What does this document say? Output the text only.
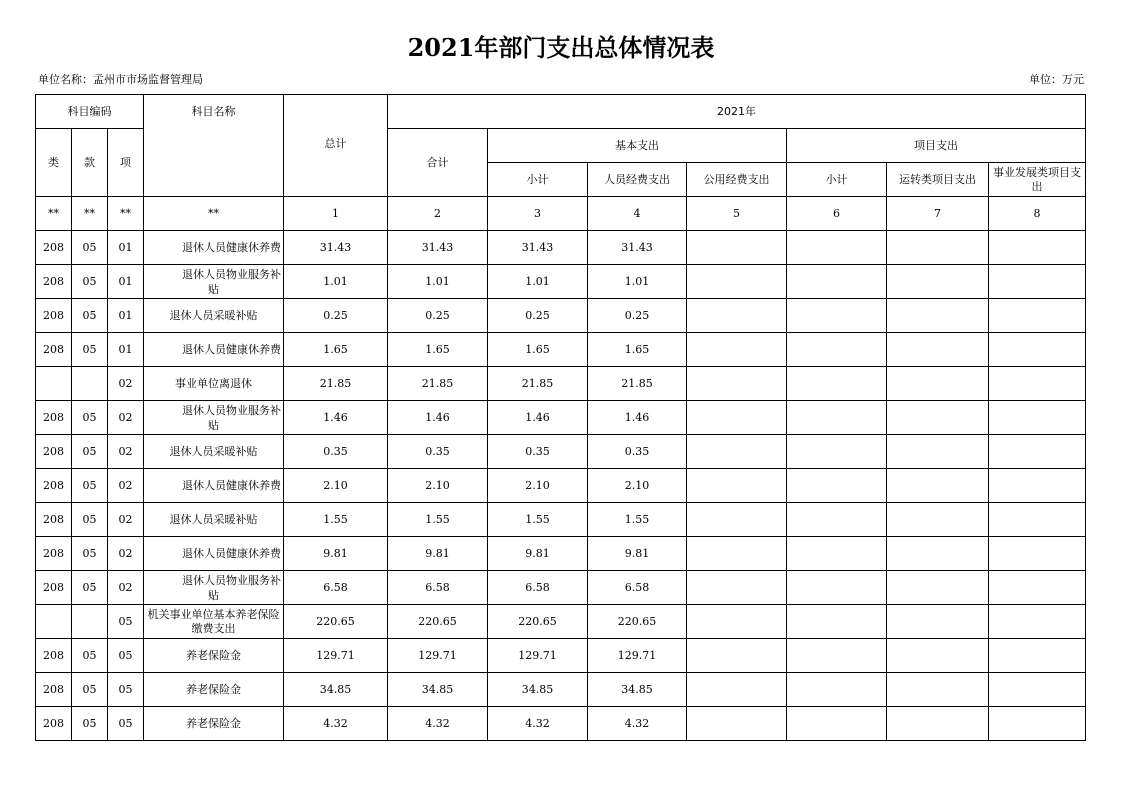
2021年部门支出总体情况表
单位名称：孟州市市场监督管理局	单位：万元
科目编码			科目名称	总计	2021年						
类	款	项			合计	基本支出			项目支出		
						小计	人员经费支出	公用经费支出	小计	运转类项目支出	事业发展类项目支出
**	**	**	**	1	2	3	4	5	6	7	8
208	05	01	退休人员健康休养费	31.43	31.43	31.43	31.43				
208	05	01	退休人员物业服务补贴	1.01	1.01	1.01	1.01				
208	05	01	退休人员采暖补贴	0.25	0.25	0.25	0.25				
208	05	01	退休人员健康休养费	1.65	1.65	1.65	1.65				
		02	事业单位离退休	21.85	21.85	21.85	21.85				
208	05	02	退休人员物业服务补贴	1.46	1.46	1.46	1.46				
208	05	02	退休人员采暖补贴	0.35	0.35	0.35	0.35				
208	05	02	退休人员健康休养费	2.10	2.10	2.10	2.10				
208	05	02	退休人员采暖补贴	1.55	1.55	1.55	1.55				
208	05	02	退休人员健康休养费	9.81	9.81	9.81	9.81				
208	05	02	退休人员物业服务补贴	6.58	6.58	6.58	6.58				
		05	机关事业单位基本养老保险缴费支出	220.65	220.65	220.65	220.65				
208	05	05	养老保险金	129.71	129.71	129.71	129.71				
208	05	05	养老保险金	34.85	34.85	34.85	34.85				
208	05	05	养老保险金	4.32	4.32	4.32	4.32				
